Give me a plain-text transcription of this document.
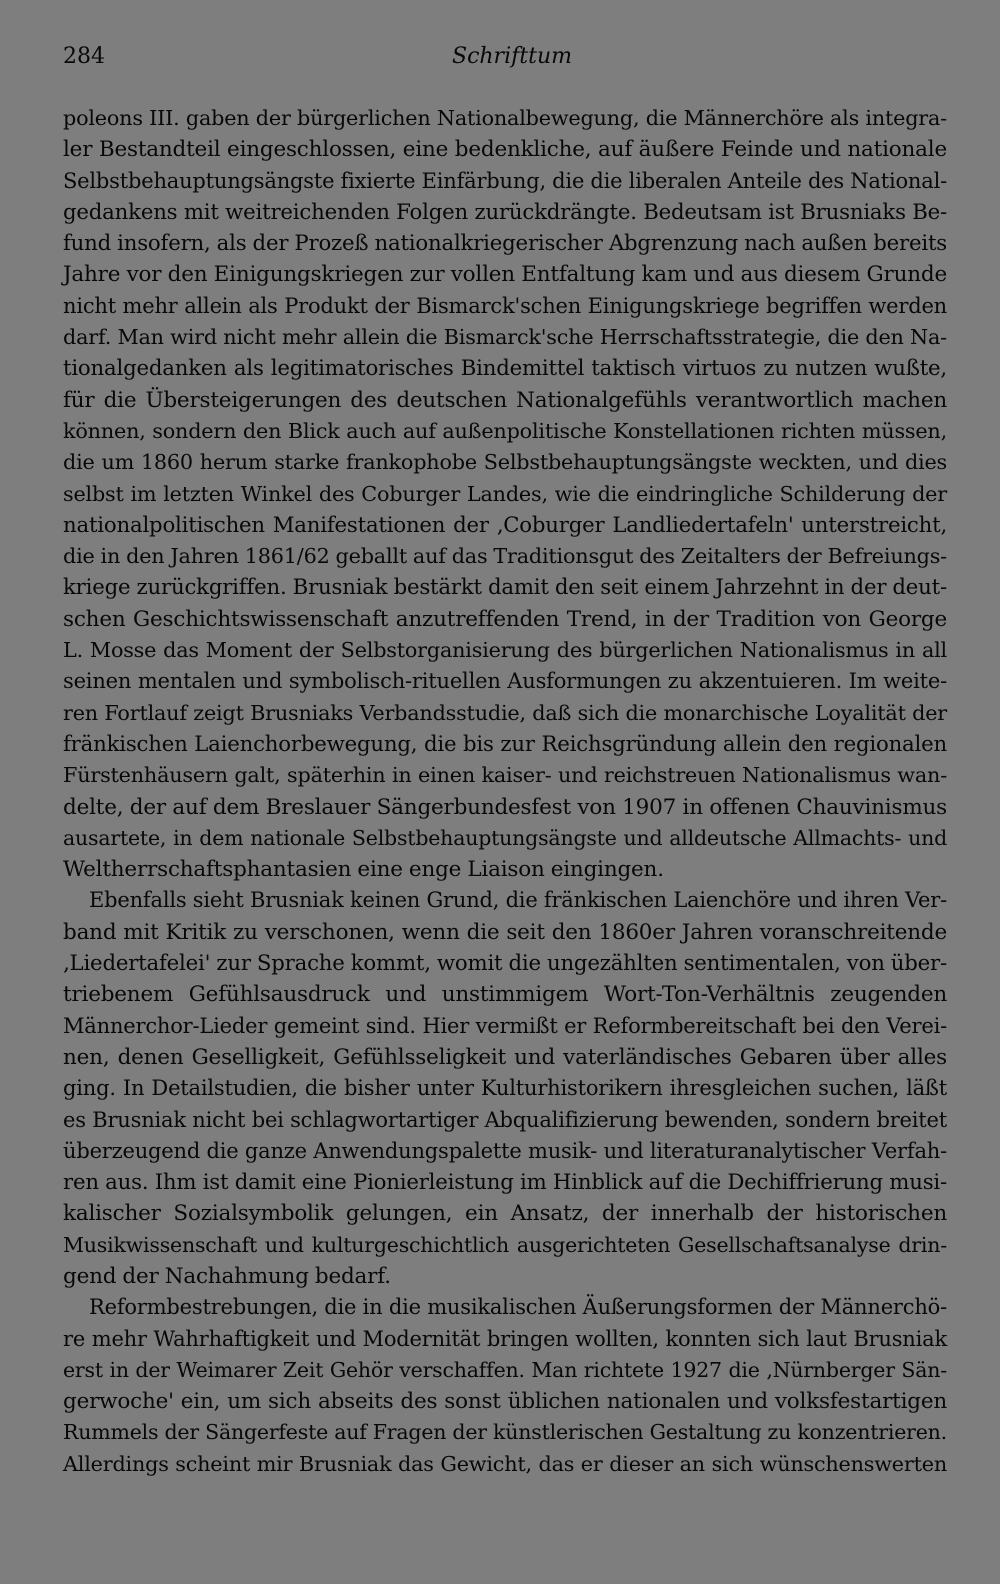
284	Schrifttum
poleons III. gaben der bürgerlichen Nationalbewegung, die Männerchöre als integra-
ler Bestandteil eingeschlossen, eine bedenkliche, auf äußere Feinde und nationale
Selbstbehauptungsängste fixierte Einfärbung, die die liberalen Anteile des National-
gedankens mit weitreichenden Folgen zurückdrängte. Bedeutsam ist Brusniaks Be-
fund insofern, als der Prozeß nationalkriegerischer Abgrenzung nach außen bereits
Jahre vor den Einigungskriegen zur vollen Entfaltung kam und aus diesem Grunde
nicht mehr allein als Produkt der Bismarck'schen Einigungskriege begriffen werden
darf. Man wird nicht mehr allein die Bismarck'sche Herrschaftsstrategie, die den Na-
tionalgedanken als legitimatorisches Bindemittel taktisch virtuos zu nutzen wußte,
für die Übersteigerungen des deutschen Nationalgefühls verantwortlich machen
können, sondern den Blick auch auf außenpolitische Konstellationen richten müssen,
die um 1860 herum starke frankophobe Selbstbehauptungsängste weckten, und dies
selbst im letzten Winkel des Coburger Landes, wie die eindringliche Schilderung der
nationalpolitischen Manifestationen der ‚Coburger Landliedertafeln' unterstreicht,
die in den Jahren 1861/62 geballt auf das Traditionsgut des Zeitalters der Befreiungs-
kriege zurückgriffen. Brusniak bestärkt damit den seit einem Jahrzehnt in der deut-
schen Geschichtswissenschaft anzutreffenden Trend, in der Tradition von George
L. Mosse das Moment der Selbstorganisierung des bürgerlichen Nationalismus in all
seinen mentalen und symbolisch-rituellen Ausformungen zu akzentuieren. Im weite-
ren Fortlauf zeigt Brusniaks Verbandsstudie, daß sich die monarchische Loyalität der
fränkischen Laienchorbewegung, die bis zur Reichsgründung allein den regionalen
Fürstenhäusern galt, späterhin in einen kaiser- und reichstreuen Nationalismus wan-
delte, der auf dem Breslauer Sängerbundesfest von 1907 in offenen Chauvinismus
ausartete, in dem nationale Selbstbehauptungsängste und alldeutsche Allmachts- und
Weltherrschaftsphantasien eine enge Liaison eingingen.
Ebenfalls sieht Brusniak keinen Grund, die fränkischen Laienchöre und ihren Ver-
band mit Kritik zu verschonen, wenn die seit den 1860er Jahren voranschreitende
‚Liedertafelei' zur Sprache kommt, womit die ungezählten sentimentalen, von über-
triebenem Gefühlsausdruck und unstimmigem Wort-Ton-Verhältnis zeugenden
Männerchor-Lieder gemeint sind. Hier vermißt er Reformbereitschaft bei den Verei-
nen, denen Geselligkeit, Gefühlsseligkeit und vaterländisches Gebaren über alles
ging. In Detailstudien, die bisher unter Kulturhistorikern ihresgleichen suchen, läßt
es Brusniak nicht bei schlagwortartiger Abqualifizierung bewenden, sondern breitet
überzeugend die ganze Anwendungspalette musik- und literaturanalytischer Verfah-
ren aus. Ihm ist damit eine Pionierleistung im Hinblick auf die Dechiffrierung musi-
kalischer Sozialsymbolik gelungen, ein Ansatz, der innerhalb der historischen
Musikwissenschaft und kulturgeschichtlich ausgerichteten Gesellschaftsanalyse drin-
gend der Nachahmung bedarf.
Reformbestrebungen, die in die musikalischen Äußerungsformen der Männerchö-
re mehr Wahrhaftigkeit und Modernität bringen wollten, konnten sich laut Brusniak
erst in der Weimarer Zeit Gehör verschaffen. Man richtete 1927 die ‚Nürnberger Sän-
gerwoche' ein, um sich abseits des sonst üblichen nationalen und volksfestartigen
Rummels der Sängerfeste auf Fragen der künstlerischen Gestaltung zu konzentrieren.
Allerdings scheint mir Brusniak das Gewicht, das er dieser an sich wünschenswerten
